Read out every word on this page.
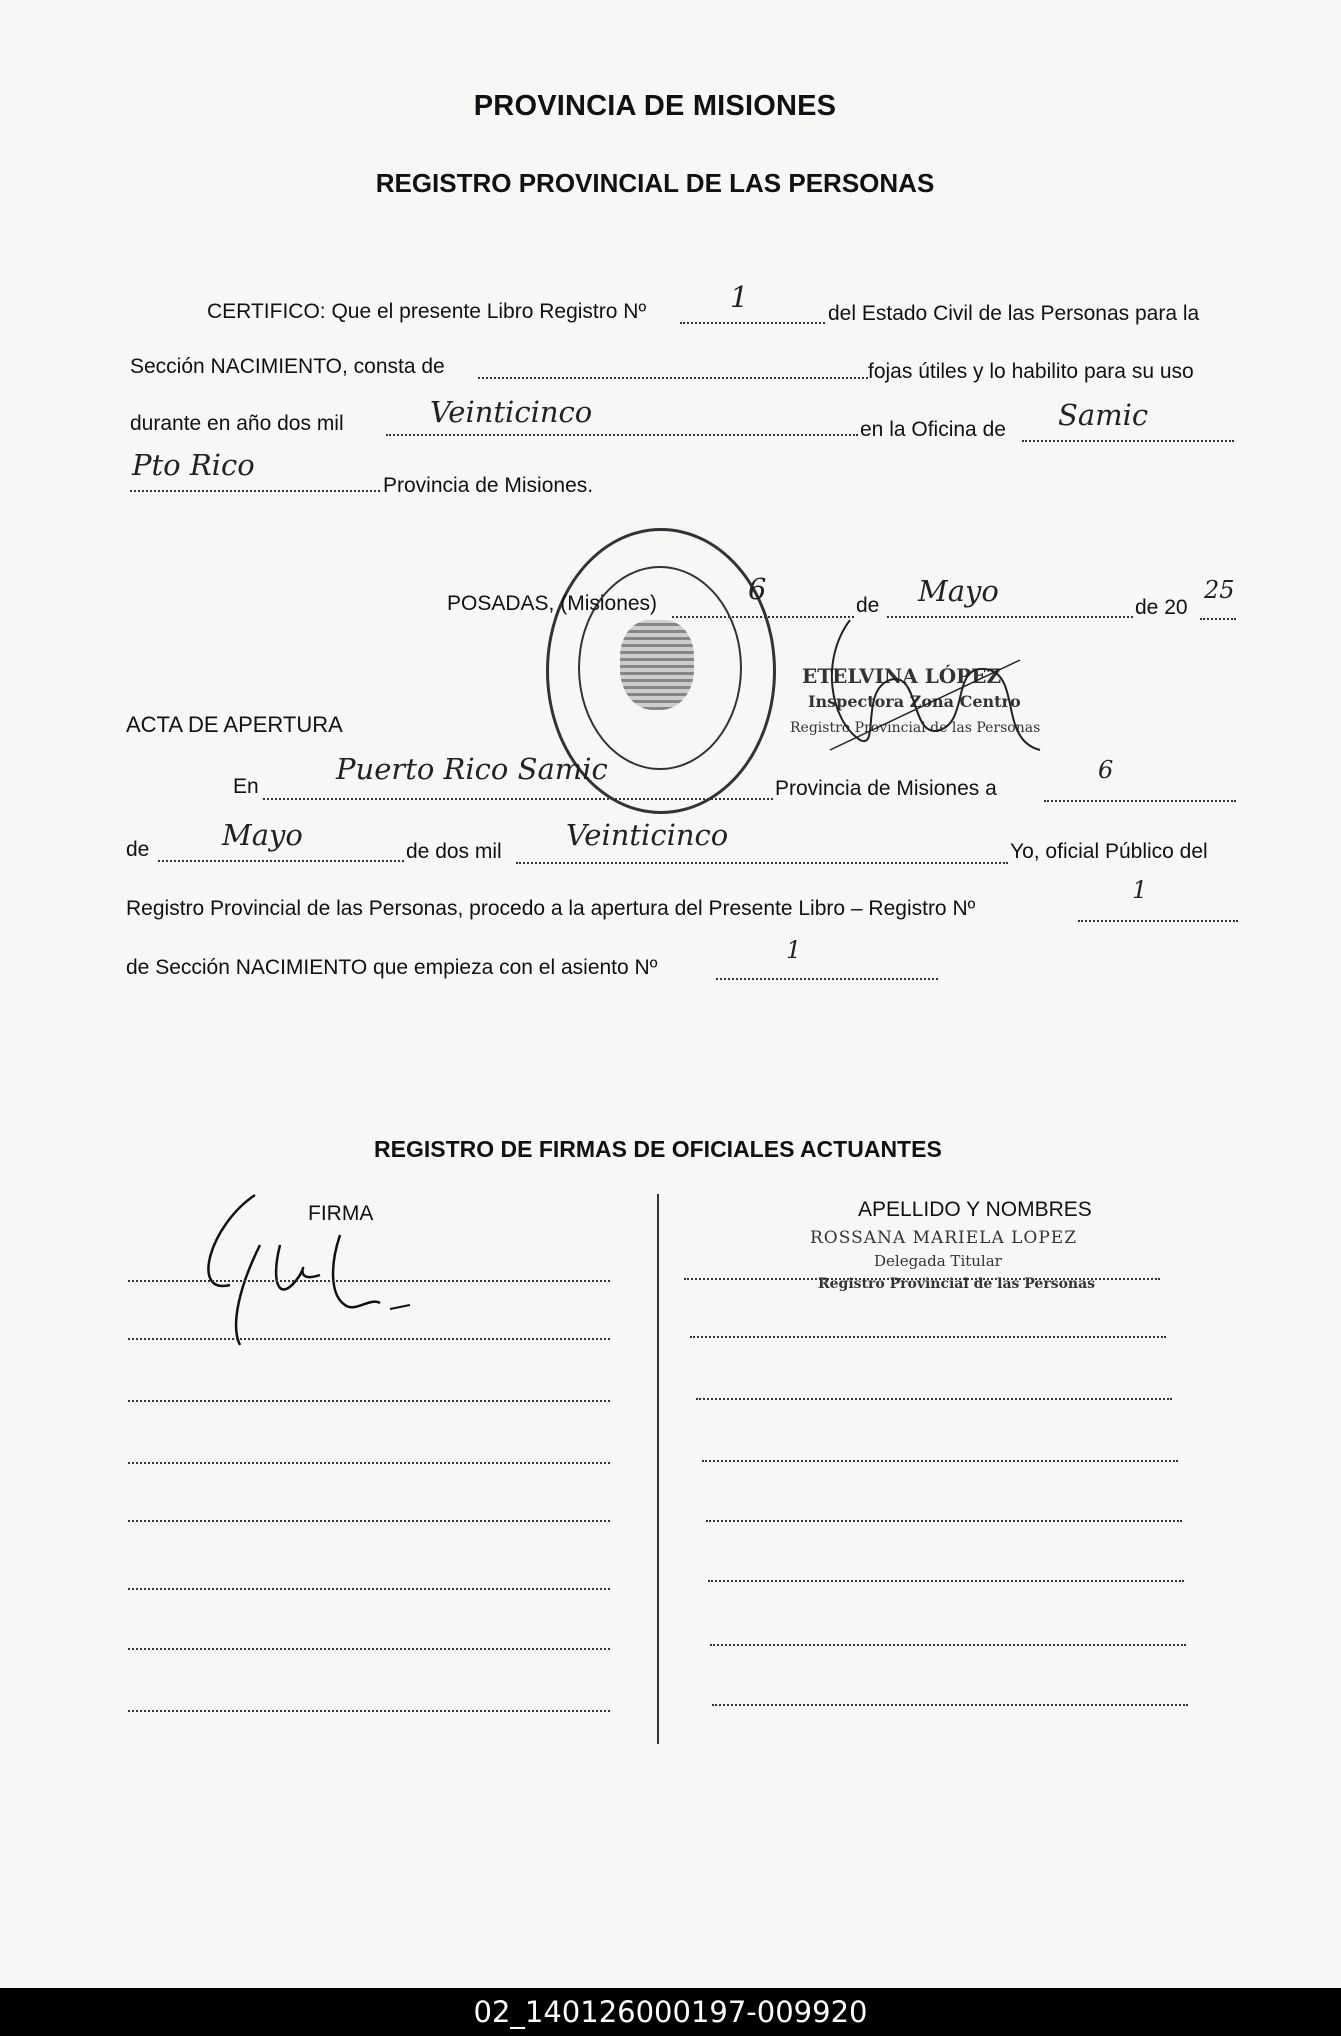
PROVINCIA DE MISIONES
REGISTRO PROVINCIAL DE LAS PERSONAS
CERTIFICO: Que el presente Libro Registro Nº	1	del Estado Civil de las Personas para la
Sección NACIMIENTO, consta de	fojas útiles y lo habilito para su uso
durante en año dos mil	Veinticinco
en la Oficina de Samic
Pto Rico
Provincia de Misiones.
POSADAS, (Misiones)	6	de Mayo	de 20
25
ETELVINA LÓPEZ
Inspectora Zona Centro
Registro Provincial de las Personas
ACTA DE APERTURA
En
Puerto Rico Samic
Provincia de Misiones a
6
de	Mayo	de dos mil Veinticinco	Yo, oficial Público del
Registro Provincial de las Personas, procedo a la apertura del Presente Libro – Registro Nº
1
de Sección NACIMIENTO que empieza con el asiento Nº
1
REGISTRO DE FIRMAS DE OFICIALES ACTUANTES
FIRMA	APELLIDO Y NOMBRES
ROSSANA MARIELA LOPEZ
Delegada Titular
Registro Provincial de las Personas
02_140126000197-009920
